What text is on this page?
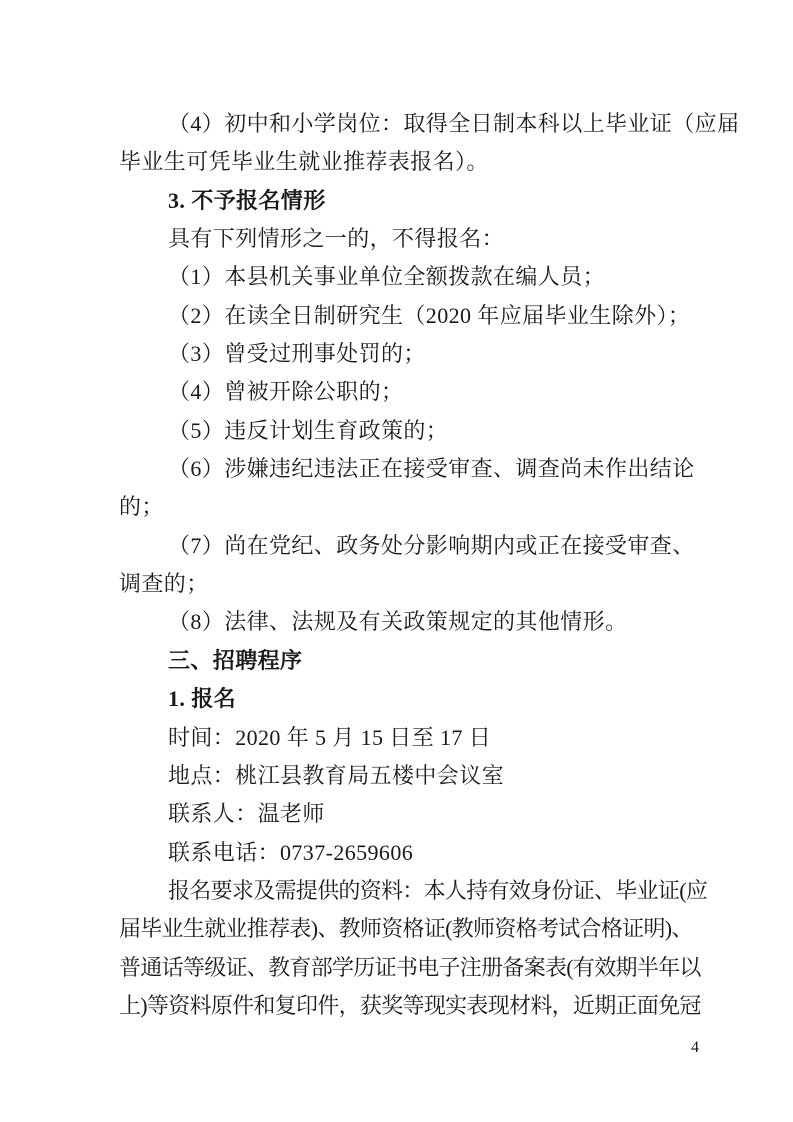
（4）初中和小学岗位：取得全日制本科以上毕业证（应届
毕业生可凭毕业生就业推荐表报名）。
3. 不予报名情形
具有下列情形之一的，不得报名：
（1）本县机关事业单位全额拨款在编人员；
（2）在读全日制研究生（2020 年应届毕业生除外）；
（3）曾受过刑事处罚的；
（4）曾被开除公职的；
（5）违反计划生育政策的；
（6）涉嫌违纪违法正在接受审查、调查尚未作出结论
的；
（7）尚在党纪、政务处分影响期内或正在接受审查、
调查的；
（8）法律、法规及有关政策规定的其他情形。
三、招聘程序
1. 报名
时间：2020 年 5 月 15 日至 17 日
地点：桃江县教育局五楼中会议室
联系人：温老师
联系电话：0737-2659606
报名要求及需提供的资料：本人持有效身份证、毕业证(应
届毕业生就业推荐表)、教师资格证(教师资格考试合格证明)、
普通话等级证、教育部学历证书电子注册备案表(有效期半年以
上)等资料原件和复印件，获奖等现实表现材料，近期正面免冠
4
